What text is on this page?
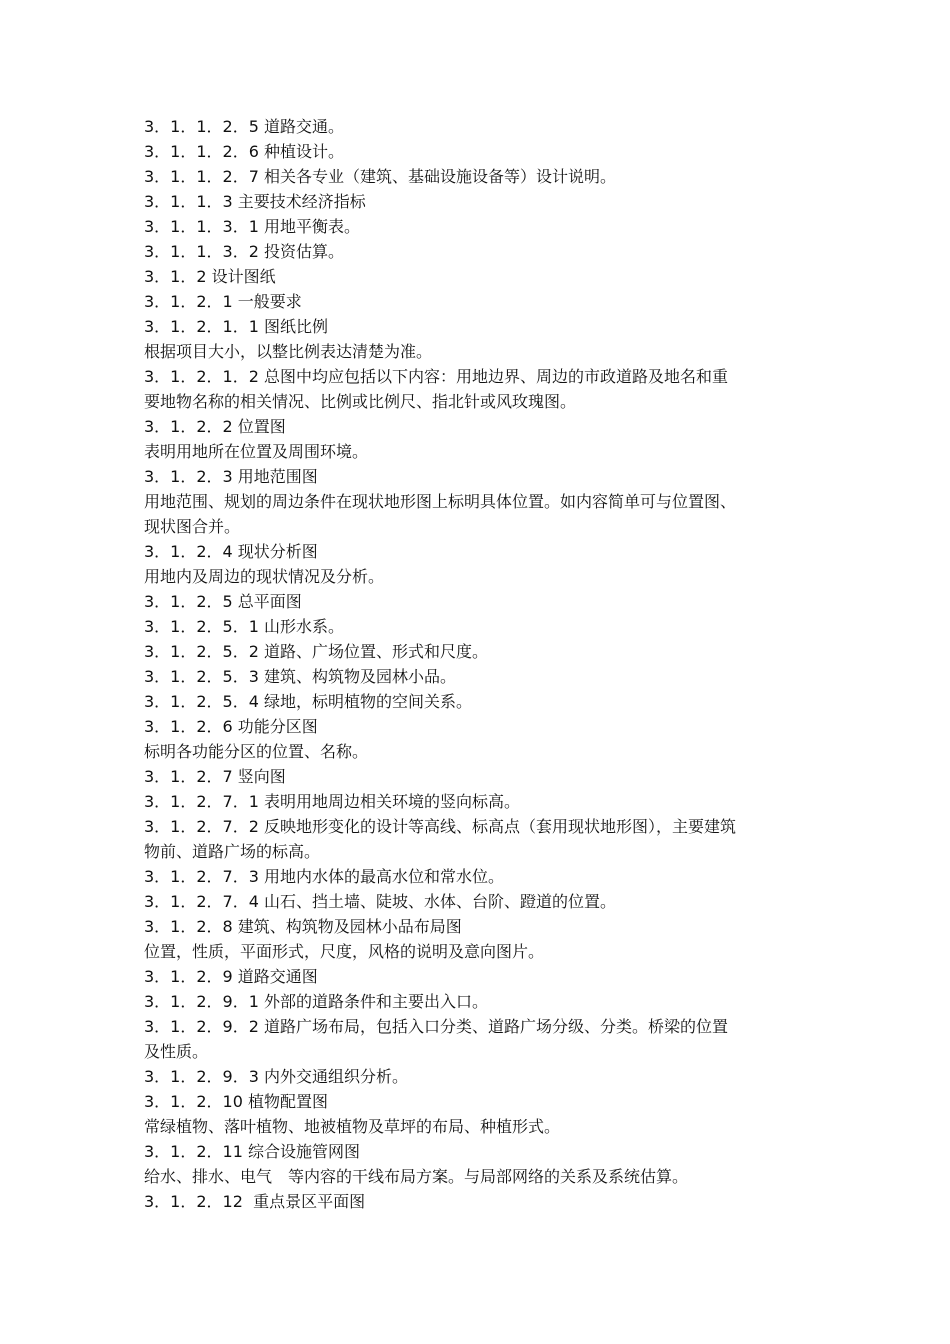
3．1．1．2．5 道路交通。

3．1．1．2．6 种植设计。

3．1．1．2．7 相关各专业（建筑、基础设施设备等）设计说明。

3．1．1．3 主要技术经济指标

3．1．1．3．1 用地平衡表。

3．1．1．3．2 投资估算。

3．1．2 设计图纸

3．1．2．1 一般要求

3．1．2．1．1 图纸比例

根据项目大小，以整比例表达清楚为准。

3．1．2．1．2 总图中均应包括以下内容：用地边界、周边的市政道路及地名和重

要地物名称的相关情况、比例或比例尺、指北针或风玫瑰图。

3．1．2．2 位置图

表明用地所在位置及周围环境。

3．1．2．3 用地范围图

用地范围、规划的周边条件在现状地形图上标明具体位置。如内容简单可与位置图、

现状图合并。

3．1．2．4 现状分析图

用地内及周边的现状情况及分析。

3．1．2．5 总平面图

3．1．2．5．1 山形水系。

3．1．2．5．2 道路、广场位置、形式和尺度。

3．1．2．5．3 建筑、构筑物及园林小品。

3．1．2．5．4 绿地，标明植物的空间关系。

3．1．2．6 功能分区图

标明各功能分区的位置、名称。

3．1．2．7 竖向图

3．1．2．7．1 表明用地周边相关环境的竖向标高。

3．1．2．7．2 反映地形变化的设计等高线、标高点（套用现状地形图），主要建筑

物前、道路广场的标高。

3．1．2．7．3 用地内水体的最高水位和常水位。

3．1．2．7．4 山石、挡土墙、陡坡、水体、台阶、蹬道的位置。

3．1．2．8 建筑、构筑物及园林小品布局图

位置，性质，平面形式，尺度，风格的说明及意向图片。

3．1．2．9 道路交通图

3．1．2．9．1 外部的道路条件和主要出入口。

3．1．2．9．2 道路广场布局，包括入口分类、道路广场分级、分类。桥梁的位置

及性质。

3．1．2．9．3 内外交通组织分析。

3．1．2．10 植物配置图

常绿植物、落叶植物、地被植物及草坪的布局、种植形式。

3．1．2．11 综合设施管网图

给水、排水、电气　等内容的干线布局方案。与局部网络的关系及系统估算。

3．1．2．12  重点景区平面图
